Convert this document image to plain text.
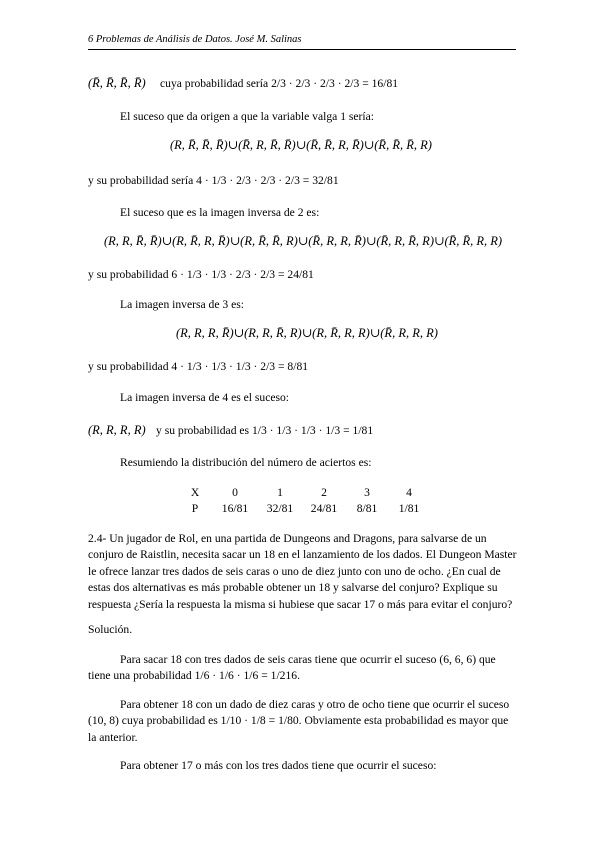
6 Problemas de Análisis de Datos. José M. Salinas
(R̄, R̄, R̄, R̄) cuya probabilidad sería 2/3 · 2/3 · 2/3 · 2/3 = 16/81
El suceso que da origen a que la variable valga 1 sería:
(R, R̄, R̄, R̄)∪(R̄, R, R̄, R̄)∪(R̄, R̄, R, R̄)∪(R̄, R̄, R̄, R)
y su probabilidad sería 4 · 1/3 · 2/3 · 2/3 · 2/3 = 32/81
El suceso que es la imagen inversa de 2 es:
(R, R, R̄, R̄)∪(R, R̄, R, R̄)∪(R, R̄, R̄, R)∪(R̄, R, R, R̄)∪(R̄, R, R̄, R)∪(R̄, R̄, R, R)
y su probabilidad 6 · 1/3 · 1/3 · 2/3 · 2/3 = 24/81
La imagen inversa de 3 es:
(R, R, R, R̄)∪(R, R, R̄, R)∪(R, R̄, R, R)∪(R̄, R, R, R)
y su probabilidad 4 · 1/3 · 1/3 · 1/3 · 2/3 = 8/81
La imagen inversa de 4 es el suceso:
(R, R, R, R) y su probabilidad es 1/3 · 1/3 · 1/3 · 1/3 = 1/81
Resumiendo la distribución del número de aciertos es:
X	0	1	2	3	4
P	16/81	32/81	24/81	8/81	1/81
2.4- Un jugador de Rol, en una partida de Dungeons and Dragons, para salvarse de un conjuro de Raistlin, necesita sacar un 18 en el lanzamiento de los dados. El Dungeon Master le ofrece lanzar tres dados de seis caras o uno de diez junto con uno de ocho. ¿En cual de estas dos alternativas es más probable obtener un 18 y salvarse del conjuro? Explique su respuesta ¿Sería la respuesta la misma si hubiese que sacar 17 o más para evitar el conjuro?
Solución.
Para sacar 18 con tres dados de seis caras tiene que ocurrir el suceso (6, 6, 6) que tiene una probabilidad 1/6 · 1/6 · 1/6 = 1/216.
Para obtener 18 con un dado de diez caras y otro de ocho tiene que ocurrir el suceso (10, 8) cuya probabilidad es 1/10 · 1/8 = 1/80. Obviamente esta probabilidad es mayor que la anterior.
Para obtener 17 o más con los tres dados tiene que ocurrir el suceso:
